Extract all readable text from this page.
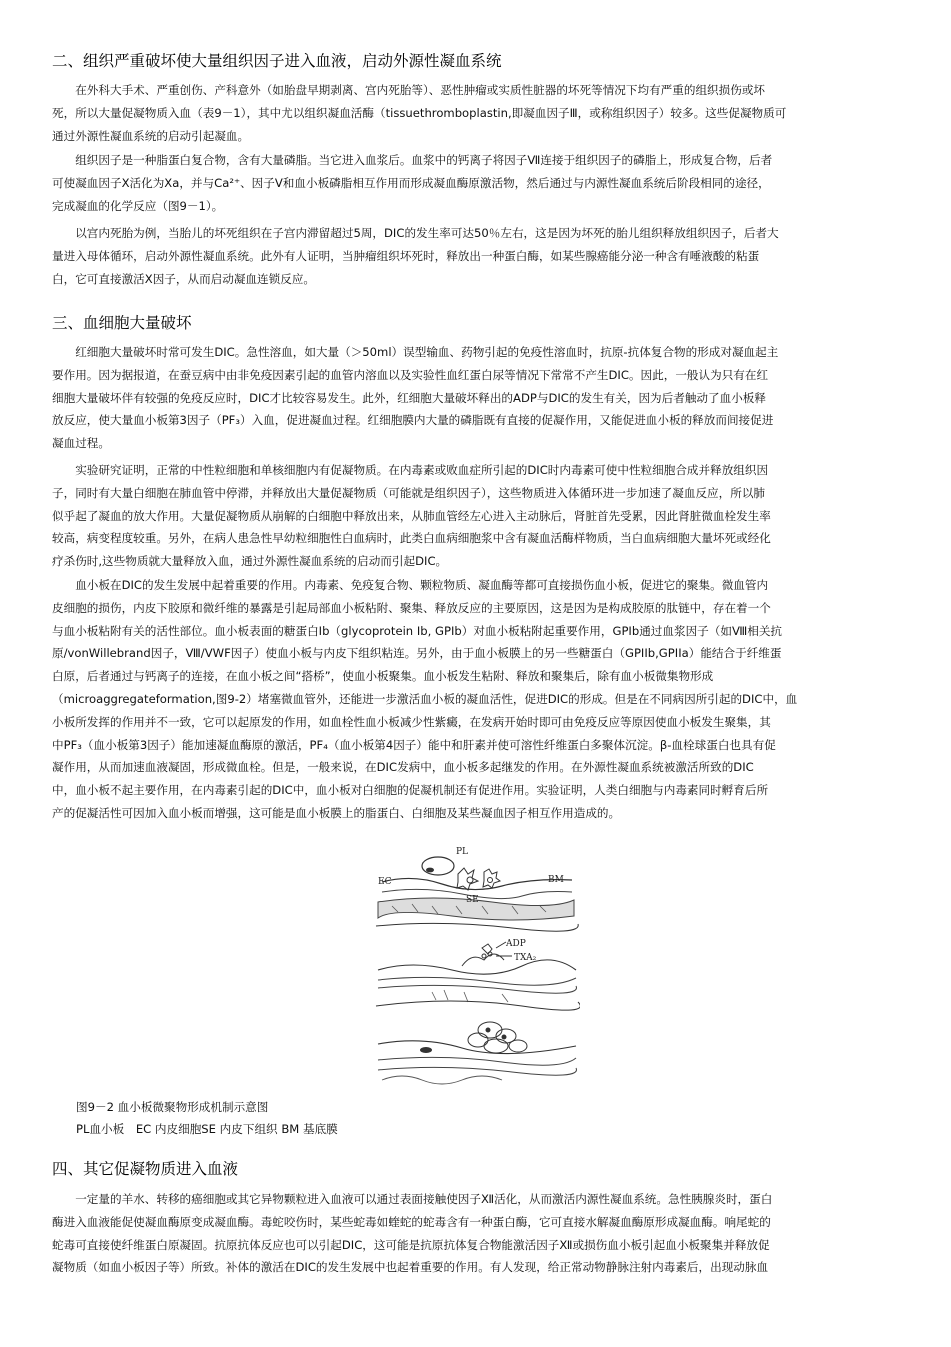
二、组织严重破坏使大量组织因子进入血液，启动外源性凝血系统
　　在外科大手术、严重创伤、产科意外（如胎盘早期剥离、宫内死胎等）、恶性肿瘤或实质性脏器的坏死等情况下均有严重的组织损伤或坏
死，所以大量促凝物质入血（表9－1），其中尤以组织凝血活酶（tissuethromboplastin,即凝血因子Ⅲ，或称组织因子）较多。这些促凝物质可
通过外源性凝血系统的启动引起凝血。
　　组织因子是一种脂蛋白复合物，含有大量磷脂。当它进入血浆后。血浆中的钙离子将因子Ⅶ连接于组织因子的磷脂上，形成复合物，后者
可使凝血因子X活化为Xa，并与Ca²⁺、因子V和血小板磷脂相互作用而形成凝血酶原激活物，然后通过与内源性凝血系统后阶段相同的途径，
完成凝血的化学反应（图9－1）。
　　以宫内死胎为例，当胎儿的坏死组织在子宫内滞留超过5周，DIC的发生率可达50％左右，这是因为坏死的胎儿组织释放组织因子，后者大
量进入母体循环，启动外源性凝血系统。此外有人证明，当肿瘤组织坏死时，释放出一种蛋白酶，如某些腺癌能分泌一种含有唾液酸的粘蛋
白，它可直接激活X因子，从而启动凝血连锁反应。
三、血细胞大量破坏
　　红细胞大量破坏时常可发生DIC。急性溶血，如大量（＞50ml）误型输血、药物引起的免疫性溶血时，抗原-抗体复合物的形成对凝血起主
要作用。因为据报道，在蚕豆病中由非免疫因素引起的血管内溶血以及实验性血红蛋白尿等情况下常常不产生DIC。因此，一般认为只有在红
细胞大量破坏伴有较强的免疫反应时，DIC才比较容易发生。此外，红细胞大量破坏释出的ADP与DIC的发生有关，因为后者触动了血小板释
放反应，使大量血小板第3因子（PF₃）入血，促进凝血过程。红细胞膜内大量的磷脂既有直接的促凝作用，又能促进血小板的释放而间接促进
凝血过程。
　　实验研究证明，正常的中性粒细胞和单核细胞内有促凝物质。在内毒素或败血症所引起的DIC时内毒素可使中性粒细胞合成并释放组织因
子，同时有大量白细胞在肺血管中停滞，并释放出大量促凝物质（可能就是组织因子），这些物质进入体循环进一步加速了凝血反应，所以肺
似乎起了凝血的放大作用。大量促凝物质从崩解的白细胞中释放出来，从肺血管经左心进入主动脉后，肾脏首先受累，因此肾脏微血栓发生率
较高，病变程度较重。另外，在病人患急性早幼粒细胞性白血病时，此类白血病细胞浆中含有凝血活酶样物质，当白血病细胞大量坏死或经化
疗杀伤时,这些物质就大量释放入血，通过外源性凝血系统的启动而引起DIC。
　　血小板在DIC的发生发展中起着重要的作用。内毒素、免疫复合物、颗粒物质、凝血酶等都可直接损伤血小板，促进它的聚集。微血管内
皮细胞的损伤，内皮下胶原和微纤维的暴露是引起局部血小板粘附、聚集、释放反应的主要原因，这是因为是构成胶原的肽链中，存在着一个
与血小板粘附有关的活性部位。血小板表面的糖蛋白Ib（glycoprotein Ib, GPIb）对血小板粘附起重要作用，GPIb通过血浆因子（如Ⅷ相关抗
原/vonWillebrand因子，Ⅷ/VWF因子）使血小板与内皮下组织粘连。另外，由于血小板膜上的另一些糖蛋白（GPIIb,GPIIa）能结合于纤维蛋
白原，后者通过与钙离子的连接，在血小板之间“搭桥”，使血小板聚集。血小板发生粘附、释放和聚集后，除有血小板微集物形成
（microaggregateformation,图9-2）堵塞微血管外，还能进一步激活血小板的凝血活性，促进DIC的形成。但是在不同病因所引起的DIC中，血
小板所发挥的作用并不一致，它可以起原发的作用，如血栓性血小板减少性紫癜，在发病开始时即可由免疫反应等原因使血小板发生聚集，其
中PF₃（血小板第3因子）能加速凝血酶原的激活，PF₄（血小板第4因子）能中和肝素并使可溶性纤维蛋白多聚体沉淀。β-血栓球蛋白也具有促
凝作用，从而加速血液凝固，形成微血栓。但是，一般来说，在DIC发病中，血小板多起继发的作用。在外源性凝血系统被激活所致的DIC
中，血小板不起主要作用，在内毒素引起的DIC中，血小板对白细胞的促凝机制还有促进作用。实验证明，人类白细胞与内毒素同时孵育后所
产的促凝活性可因加入血小板而增强，这可能是血小板膜上的脂蛋白、白细胞及某些凝血因子相互作用造成的。
PL
EC	BM
SE
ADP
TXA₂
图9－2 血小板微聚物形成机制示意图
PL血小板　EC 内皮细胞SE 内皮下组织 BM 基底膜
四、其它促凝物质进入血液
　　一定量的羊水、转移的癌细胞或其它异物颗粒进入血液可以通过表面接触使因子Ⅻ活化，从而激活内源性凝血系统。急性胰腺炎时，蛋白
酶进入血液能促使凝血酶原变成凝血酶。毒蛇咬伤时，某些蛇毒如蝰蛇的蛇毒含有一种蛋白酶，它可直接水解凝血酶原形成凝血酶。响尾蛇的
蛇毒可直接使纤维蛋白原凝固。抗原抗体反应也可以引起DIC，这可能是抗原抗体复合物能激活因子Ⅻ或损伤血小板引起血小板聚集并释放促
凝物质（如血小板因子等）所致。补体的激活在DIC的发生发展中也起着重要的作用。有人发现，给正常动物静脉注射内毒素后，出现动脉血
